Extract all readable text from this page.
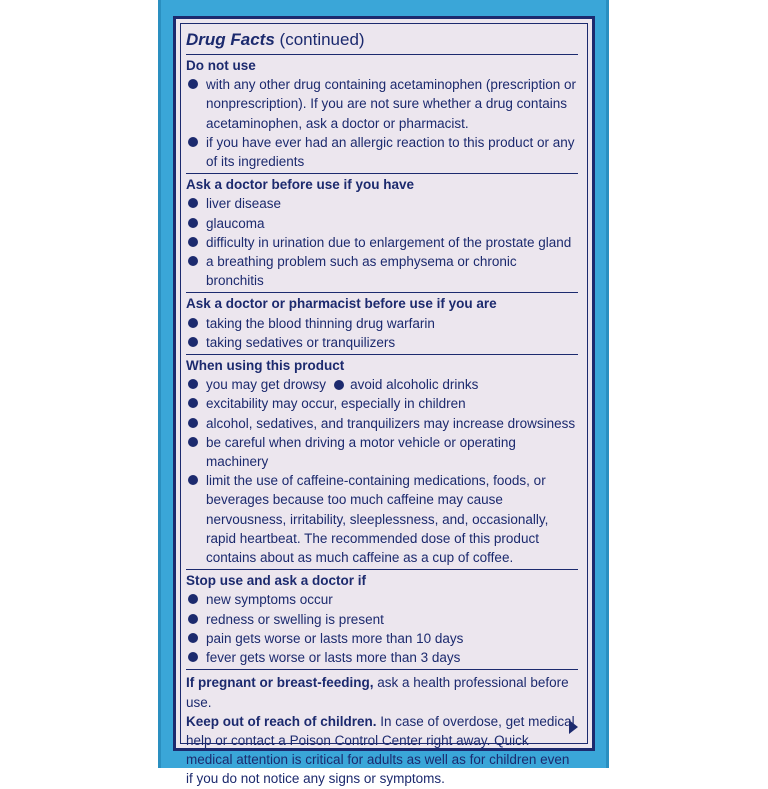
Drug Facts (continued)
Do not use
with any other drug containing acetaminophen (prescription or nonprescription). If you are not sure whether a drug contains acetaminophen, ask a doctor or pharmacist.
if you have ever had an allergic reaction to this product or any of its ingredients
Ask a doctor before use if you have
liver disease
glaucoma
difficulty in urination due to enlargement of the prostate gland
a breathing problem such as emphysema or chronic bronchitis
Ask a doctor or pharmacist before use if you are
taking the blood thinning drug warfarin
taking sedatives or tranquilizers
When using this product
you may get drowsy avoid alcoholic drinks
excitability may occur, especially in children
alcohol, sedatives, and tranquilizers may increase drowsiness
be careful when driving a motor vehicle or operating machinery
limit the use of caffeine-containing medications, foods, or beverages because too much caffeine may cause nervousness, irritability, sleeplessness, and, occasionally, rapid heartbeat. The recommended dose of this product contains about as much caffeine as a cup of coffee.
Stop use and ask a doctor if
new symptoms occur
redness or swelling is present
pain gets worse or lasts more than 10 days
fever gets worse or lasts more than 3 days
If pregnant or breast-feeding, ask a health professional before use.
Keep out of reach of children. In case of overdose, get medical help or contact a Poison Control Center right away. Quick medical attention is critical for adults as well as for children even if you do not notice any signs or symptoms.
